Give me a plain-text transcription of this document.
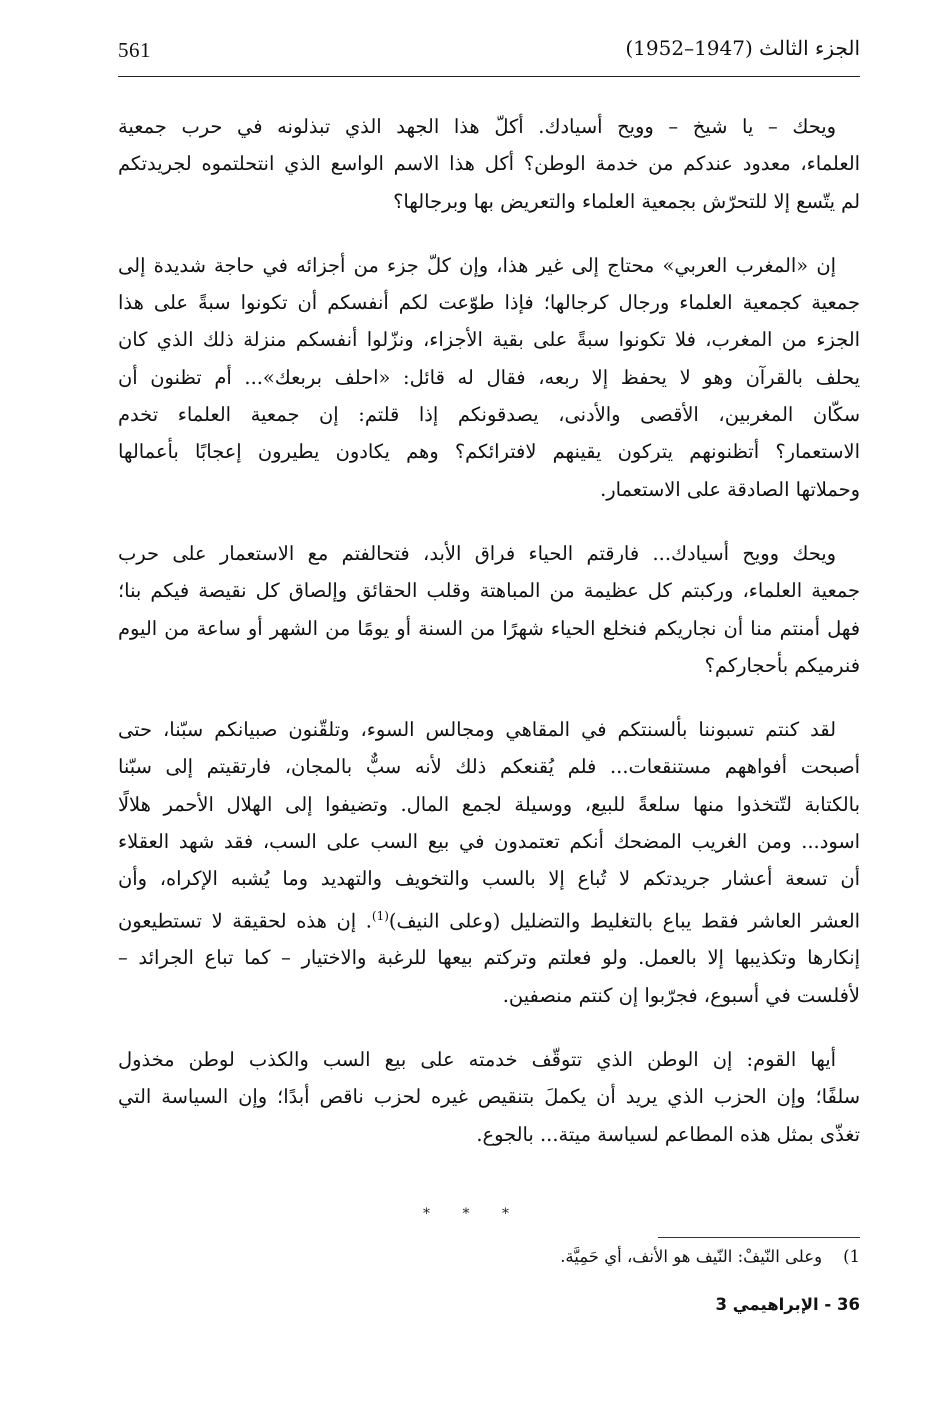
561	الجزء الثالث (1947–1952)

ويحك – يا شيخ – وويح أسيادك. أكلّ هذا الجهد الذي تبذلونه في حرب جمعية
العلماء، معدود عندكم من خدمة الوطن؟ أكل هذا الاسم الواسع الذي انتحلتموه لجريدتكم
لم يتّسع إلا للتحرّش بجمعية العلماء والتعريض بها وبرجالها؟

إن «المغرب العربي» محتاج إلى غير هذا، وإن كلّ جزء من أجزائه في حاجة شديدة إلى
جمعية كجمعية العلماء ورجال كرجالها؛ فإذا طوّعت لكم أنفسكم أن تكونوا سبةً على هذا
الجزء من المغرب، فلا تكونوا سبةً على بقية الأجزاء، ونزّلوا أنفسكم منزلة ذلك الذي كان
يحلف بالقرآن وهو لا يحفظ إلا ربعه، فقال له قائل: «احلف بربعك»... أم تظنون أن
سكّان المغربين، الأقصى والأدنى، يصدقونكم إذا قلتم: إن جمعية العلماء تخدم
الاستعمار؟ أتظنونهم يتركون يقينهم لافترائكم؟ وهم يكادون يطيرون إعجابًا بأعمالها
وحملاتها الصادقة على الاستعمار.

ويحك وويح أسيادك... فارقتم الحياء فراق الأبد، فتحالفتم مع الاستعمار على حرب
جمعية العلماء، وركبتم كل عظيمة من المباهتة وقلب الحقائق وإلصاق كل نقيصة فيكم بنا؛
فهل أمنتم منا أن نجاريكم فنخلع الحياء شهرًا من السنة أو يومًا من الشهر أو ساعة من اليوم
فنرميكم بأحجاركم؟

لقد كنتم تسبوننا بألسنتكم في المقاهي ومجالس السوء، وتلقّنون صبيانكم سبّنا، حتى
أصبحت أفواههم مستنقعات... فلم يُقنعكم ذلك لأنه سبٌّ بالمجان، فارتقيتم إلى سبّنا
بالكتابة لتّتخذوا منها سلعةً للبيع، ووسيلة لجمع المال. وتضيفوا إلى الهلال الأحمر هلالًا
اسود... ومن الغريب المضحك أنكم تعتمدون في بيع السب على السب، فقد شهد العقلاء
أن تسعة أعشار جريدتكم لا تُباع إلا بالسب والتخويف والتهديد وما يُشبه الإكراه، وأن
العشر العاشر فقط يباع بالتغليط والتضليل (وعلى النيف)$^{(1)}$. إن هذه لحقيقة لا تستطيعون
إنكارها وتكذيبها إلا بالعمل. ولو فعلتم وتركتم بيعها للرغبة والاختيار – كما تباع الجرائد –
لأفلست في أسبوع، فجرّبوا إن كنتم منصفين.

أيها القوم: إن الوطن الذي تتوقّف خدمته على بيع السب والكذب لوطن مخذول
سلفًا؛ وإن الحزب الذي يريد أن يكملَ بتنقيص غيره لحزب ناقص أبدًا؛ وإن السياسة التي
تغذّى بمثل هذه المطاعم لسياسة ميتة... بالجوع.

* * *
1)    وعلى النّيفْ: النّيف هو الأنف، أي حَمِيَّة.
36 - الإبراهيمي 3
